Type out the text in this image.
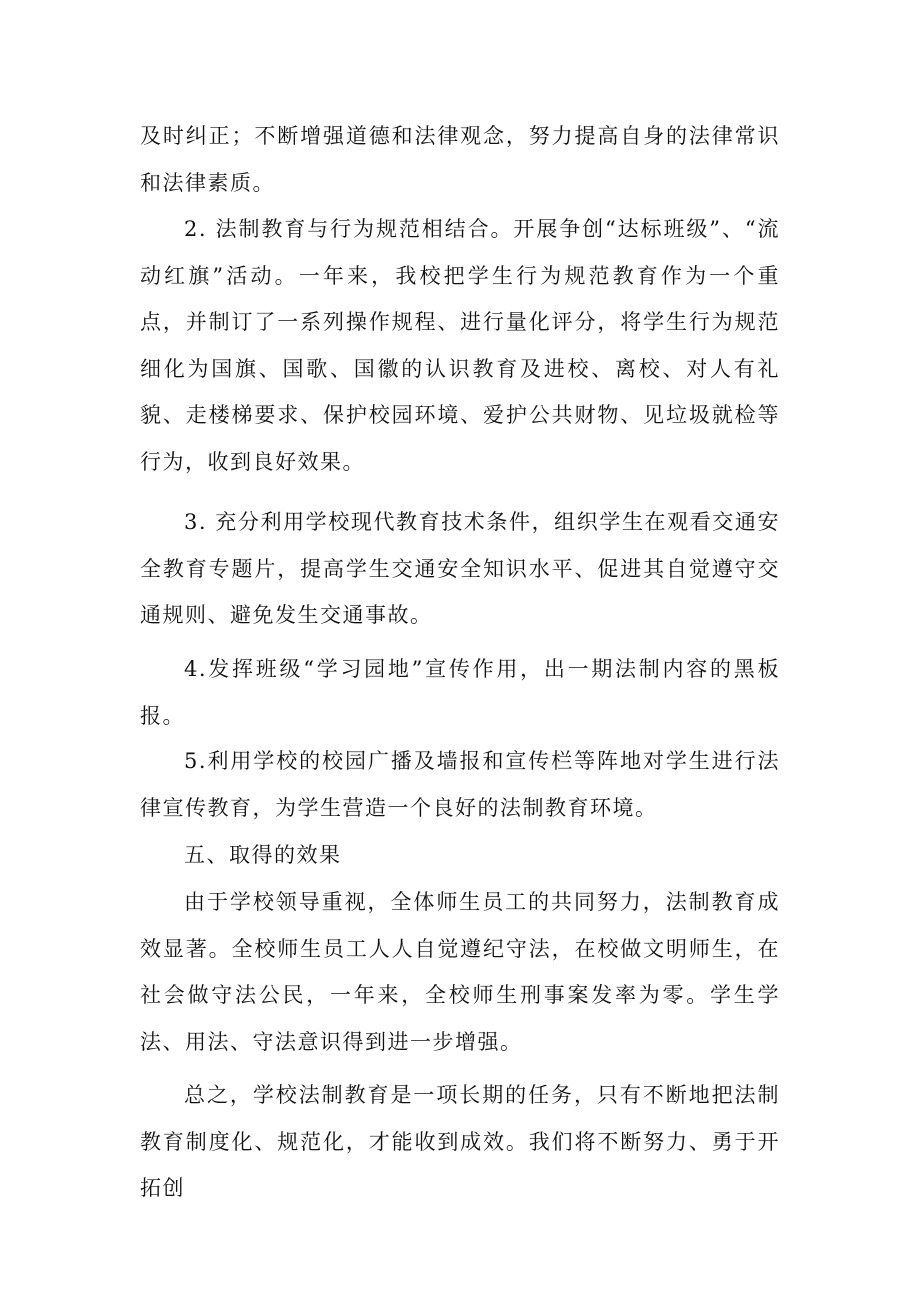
及时纠正；不断增强道德和法律观念，努力提高自身的法律常识和法律素质。

2. 法制教育与行为规范相结合。开展争创“达标班级”、“流动红旗”活动。一年来，我校把学生行为规范教育作为一个重点，并制订了一系列操作规程、进行量化评分，将学生行为规范细化为国旗、国歌、国徽的认识教育及进校、离校、对人有礼貌、走楼梯要求、保护校园环境、爱护公共财物、见垃圾就检等行为，收到良好效果。

3. 充分利用学校现代教育技术条件，组织学生在观看交通安全教育专题片，提高学生交通安全知识水平、促进其自觉遵守交通规则、避免发生交通事故。

4.发挥班级“学习园地”宣传作用，出一期法制内容的黑板报。

5.利用学校的校园广播及墙报和宣传栏等阵地对学生进行法律宣传教育，为学生营造一个良好的法制教育环境。

五、取得的效果

由于学校领导重视，全体师生员工的共同努力，法制教育成效显著。全校师生员工人人自觉遵纪守法，在校做文明师生，在社会做守法公民，一年来，全校师生刑事案发率为零。学生学法、用法、守法意识得到进一步增强。

总之，学校法制教育是一项长期的任务，只有不断地把法制教育制度化、规范化，才能收到成效。我们将不断努力、勇于开拓创
